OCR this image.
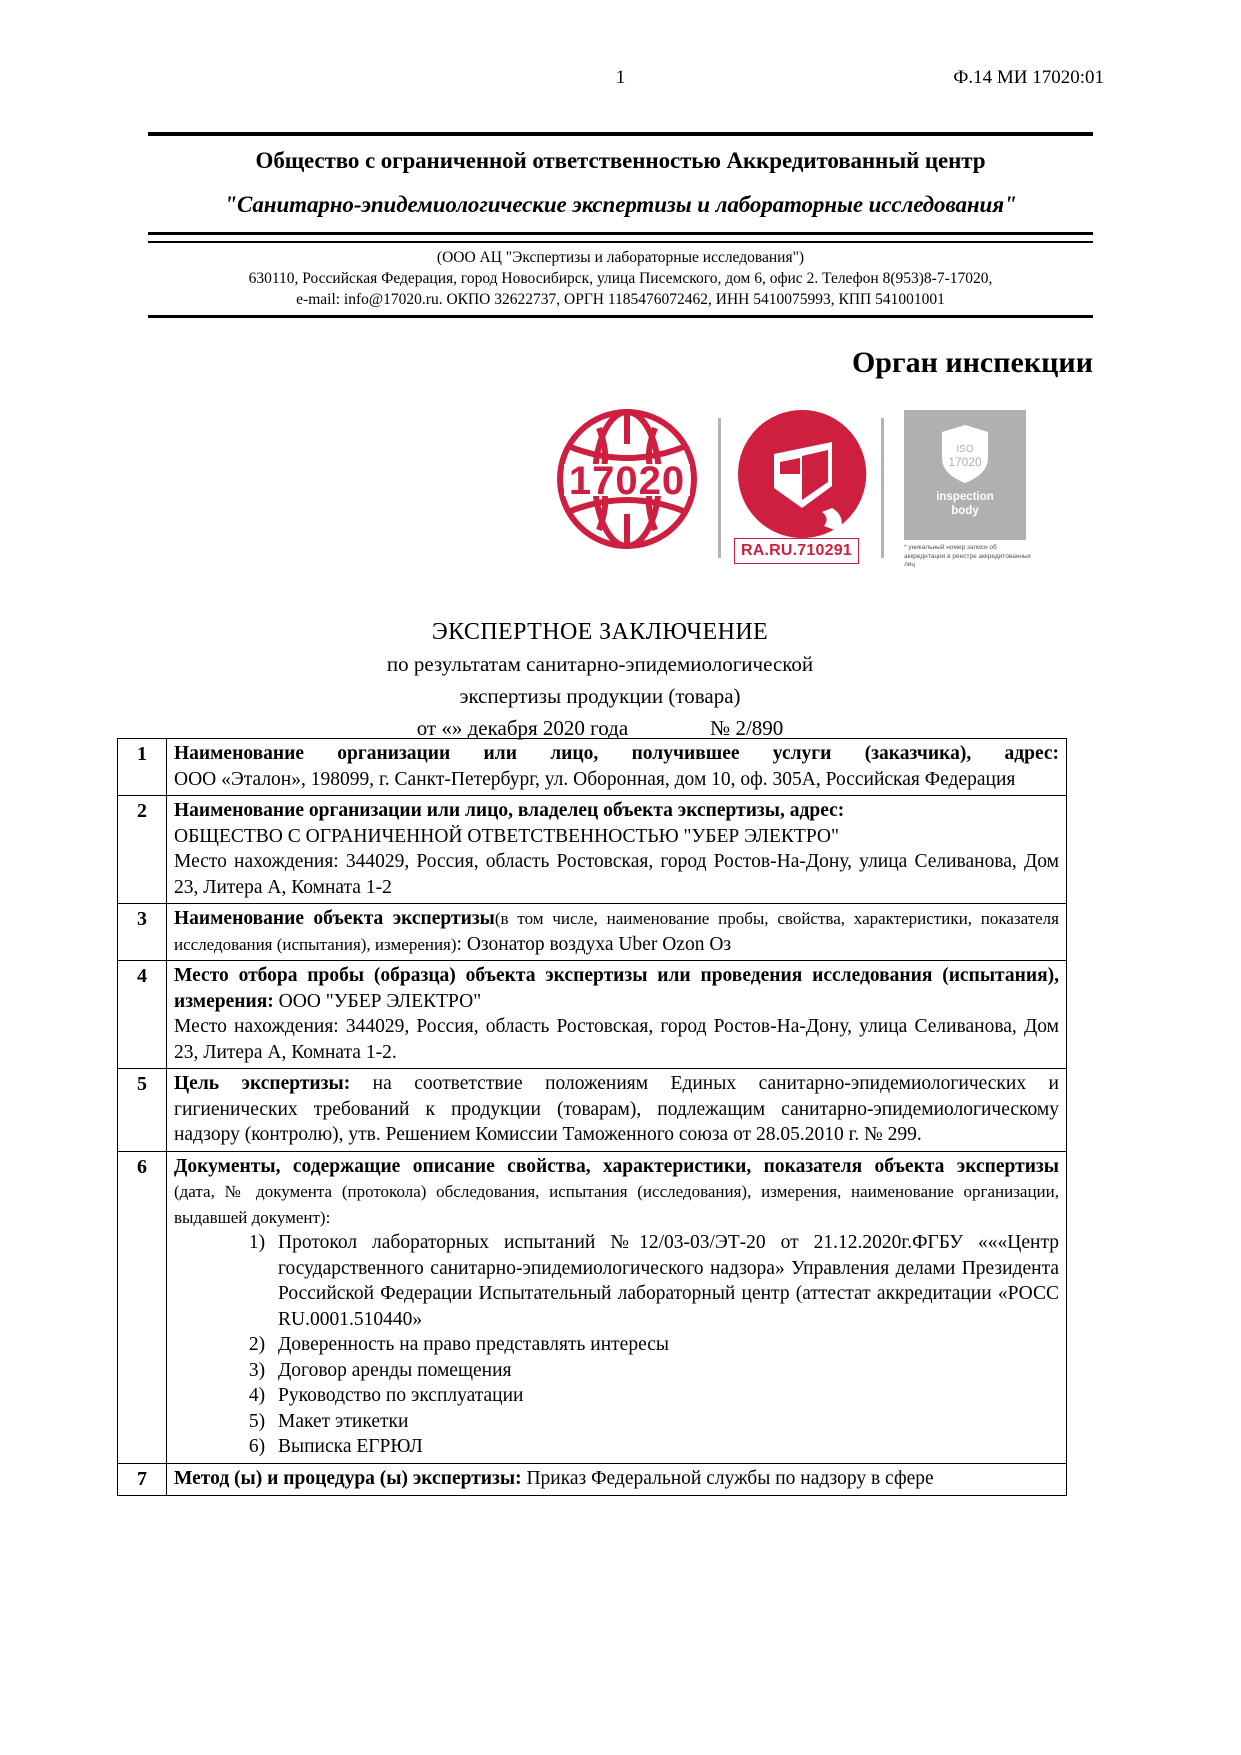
1	Ф.14 МИ 17020:01
Общество с ограниченной ответственностью Аккредитованный центр
"Санитарно-эпидемиологические экспертизы и лабораторные исследования"
(ООО АЦ "Экспертизы и лабораторные исследования")
630110, Российская Федерация, город Новосибирск, улица Писемского, дом 6, офис 2. Телефон 8(953)8-7-17020,
e-mail: info@17020.ru. ОКПО 32622737, ОРГН 1185476072462, ИНН 5410075993, КПП 541001001
Орган инспекции
17020
RA.RU.710291
ISO
17020
inspection
body
* уникальный номер записи об аккредитации в реестре аккредитованных лиц
ЭКСПЕРТНОЕ ЗАКЛЮЧЕНИЕ
по результатам санитарно-эпидемиологической
экспертизы продукции (товара)
от «» декабря 2020 года	№ 2/890
1	Наименование организации или лицо, получившее услуги (заказчика), адрес:
ООО «Эталон», 198099, г. Санкт-Петербург, ул. Оборонная, дом 10, оф. 305А, Российская Федерация

2	Наименование организации или лицо, владелец объекта экспертизы, адрес:
ОБЩЕСТВО С ОГРАНИЧЕННОЙ ОТВЕТСТВЕННОСТЬЮ "УБЕР ЭЛЕКТРО"
Место нахождения: 344029, Россия, область Ростовская, город Ростов-На-Дону, улица Селиванова, Дом 23, Литера А, Комната 1-2

3	Наименование объекта экспертизы(в том числе, наименование пробы, свойства, характеристики, показателя исследования (испытания), измерения): Озонатор воздуха Uber Ozon Oз

4	Место отбора пробы (образца) объекта экспертизы или проведения исследования (испытания), измерения: ООО "УБЕР ЭЛЕКТРО"
Место нахождения: 344029, Россия, область Ростовская, город Ростов-На-Дону, улица Селиванова, Дом 23, Литера А, Комната 1-2.

5	Цель экспертизы: на соответствие положениям Единых санитарно-эпидемиологических и гигиенических требований к продукции (товарам), подлежащим санитарно-эпидемиологическому надзору (контролю), утв. Решением Комиссии Таможенного союза от 28.05.2010 г. № 299.

6	Документы, содержащие описание свойства, характеристики, показателя объекта экспертизы
(дата, № документа (протокола) обследования, испытания (исследования), измерения, наименование организации, выдавшей документ):
1. Протокол лабораторных испытаний №12/03-03/ЭТ-20 от 21.12.2020г.ФГБУ «««Центр государственного санитарно-эпидемиологического надзора» Управления делами Президента Российской Федерации Испытательный лабораторный центр (аттестат аккредитации «РОСС RU.0001.510440»
2. Доверенность на право представлять интересы
3. Договор аренды помещения
4. Руководство по эксплуатации
5. Макет этикетки
6. Выписка ЕГРЮЛ

7	Метод (ы) и процедура (ы) экспертизы: Приказ Федеральной службы по надзору в сфере
